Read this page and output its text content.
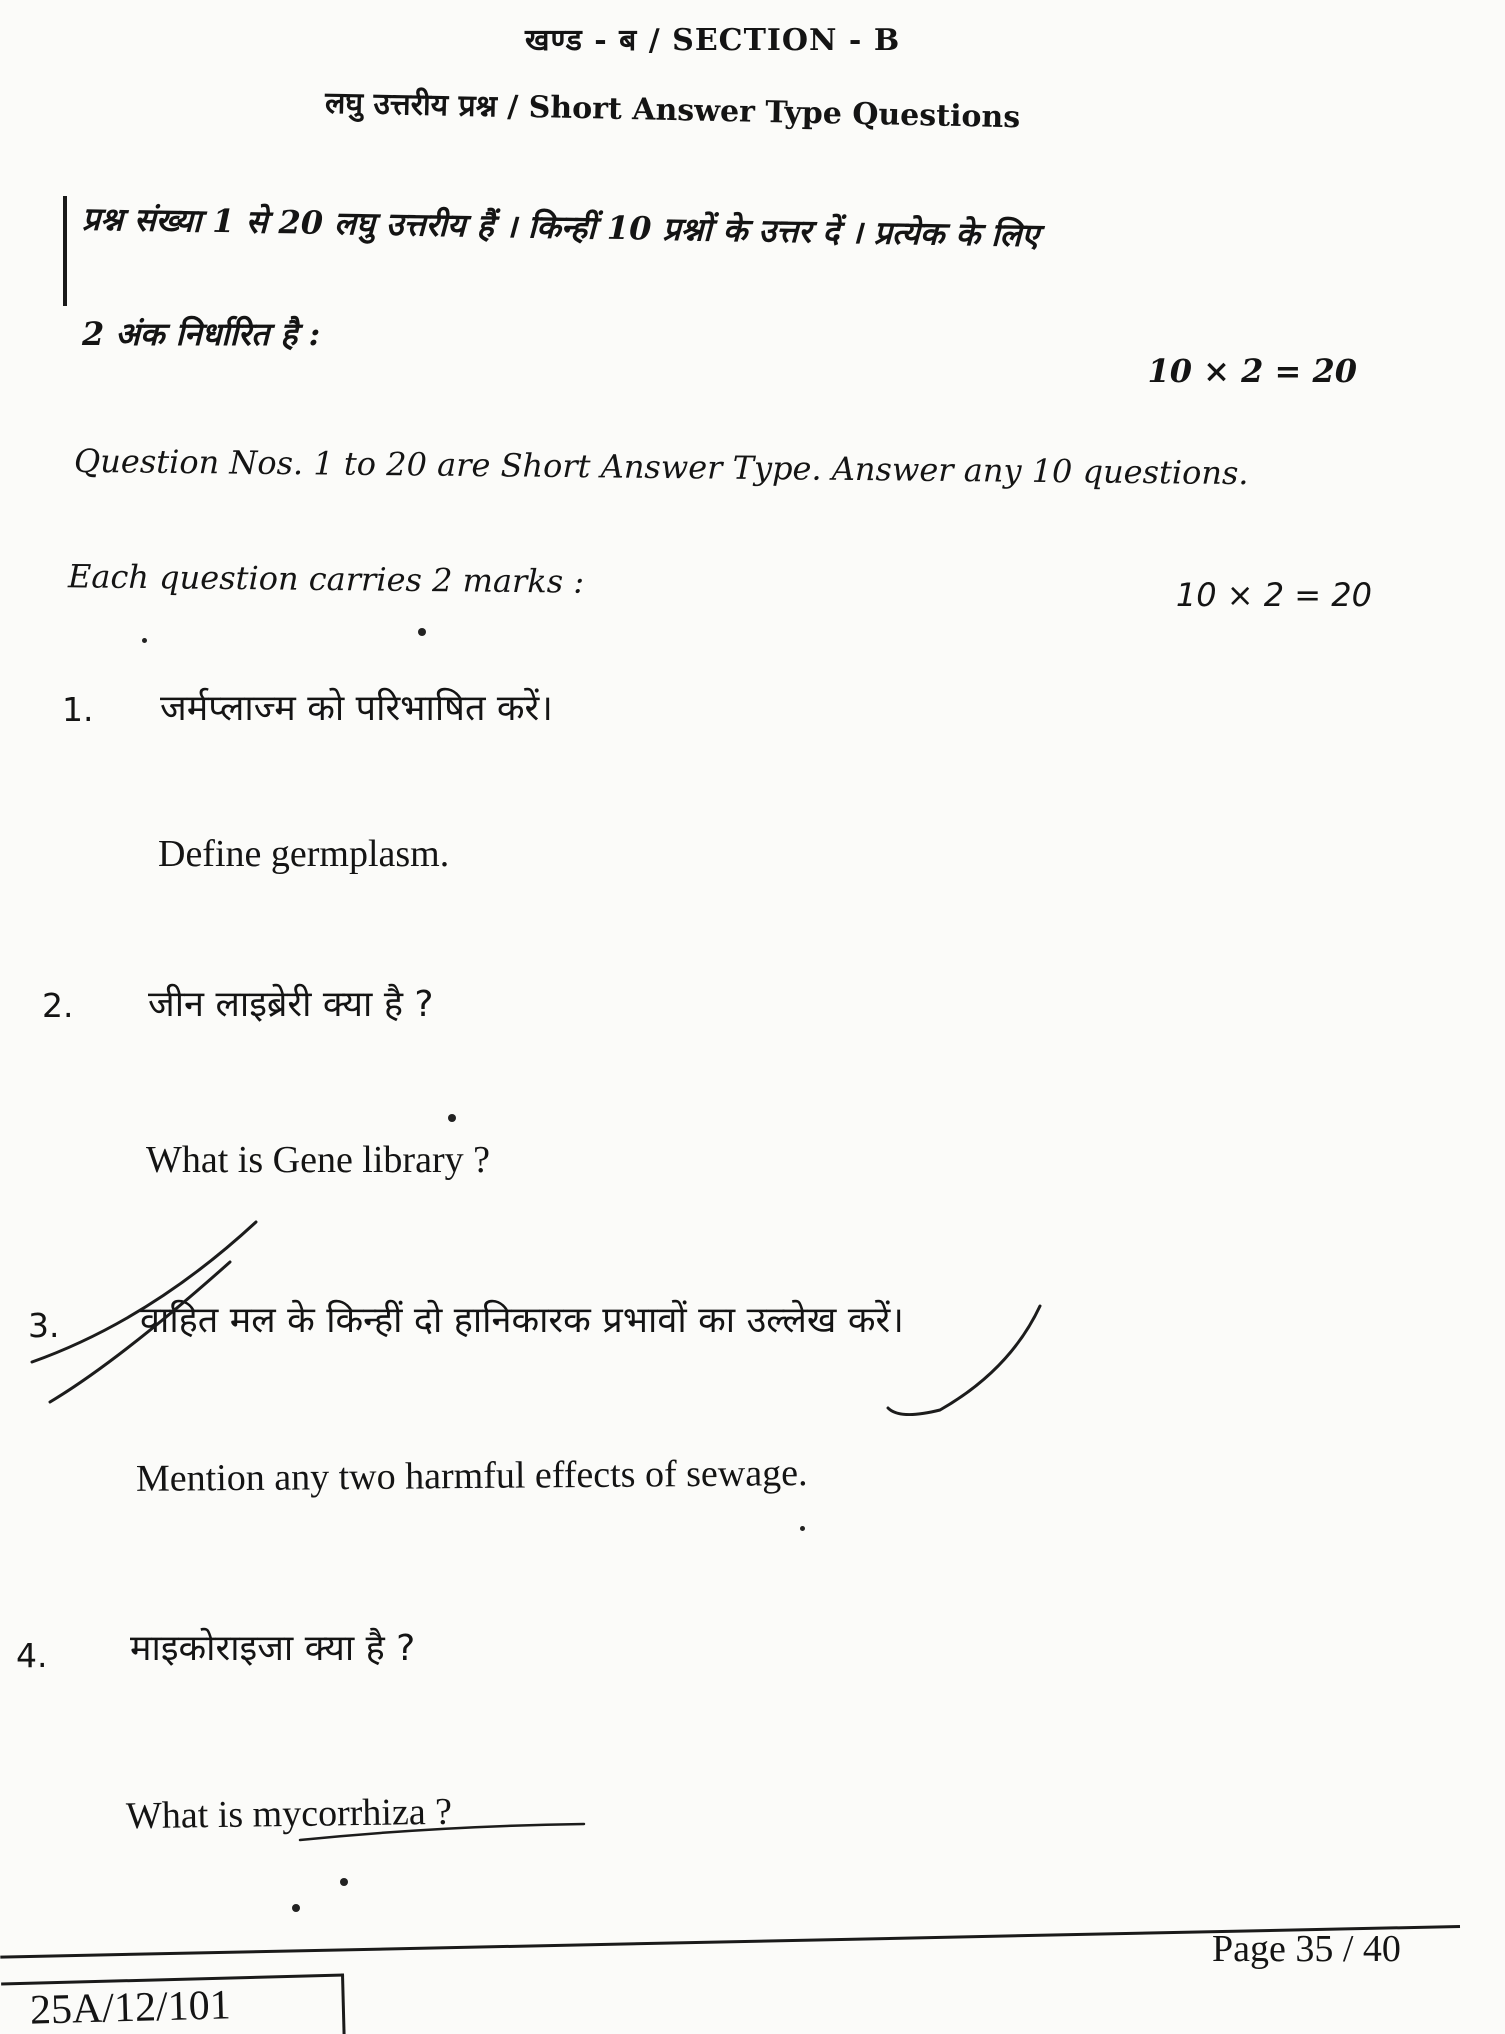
खण्ड - ब / SECTION - B
लघु उत्तरीय प्रश्न / Short Answer Type Questions
प्रश्न संख्या 1 से 20 लघु उत्तरीय हैं । किन्हीं 10 प्रश्नों के उत्तर दें । प्रत्येक के लिए
2 अंक निर्धारित है :
10 × 2 = 20
Question Nos. 1 to 20 are Short Answer Type. Answer any 10 questions.
Each question carries 2 marks :	10 × 2 = 20
1. जर्मप्लाज्म को परिभाषित करें।
Define germplasm.
2. जीन लाइब्रेरी क्या है ?
What is Gene library ?
3. वाहित मल के किन्हीं दो हानिकारक प्रभावों का उल्लेख करें।
Mention any two harmful effects of sewage.
4. माइकोराइजा क्या है ?
What is mycorrhiza ?
Page 35 / 40
25A/12/101
